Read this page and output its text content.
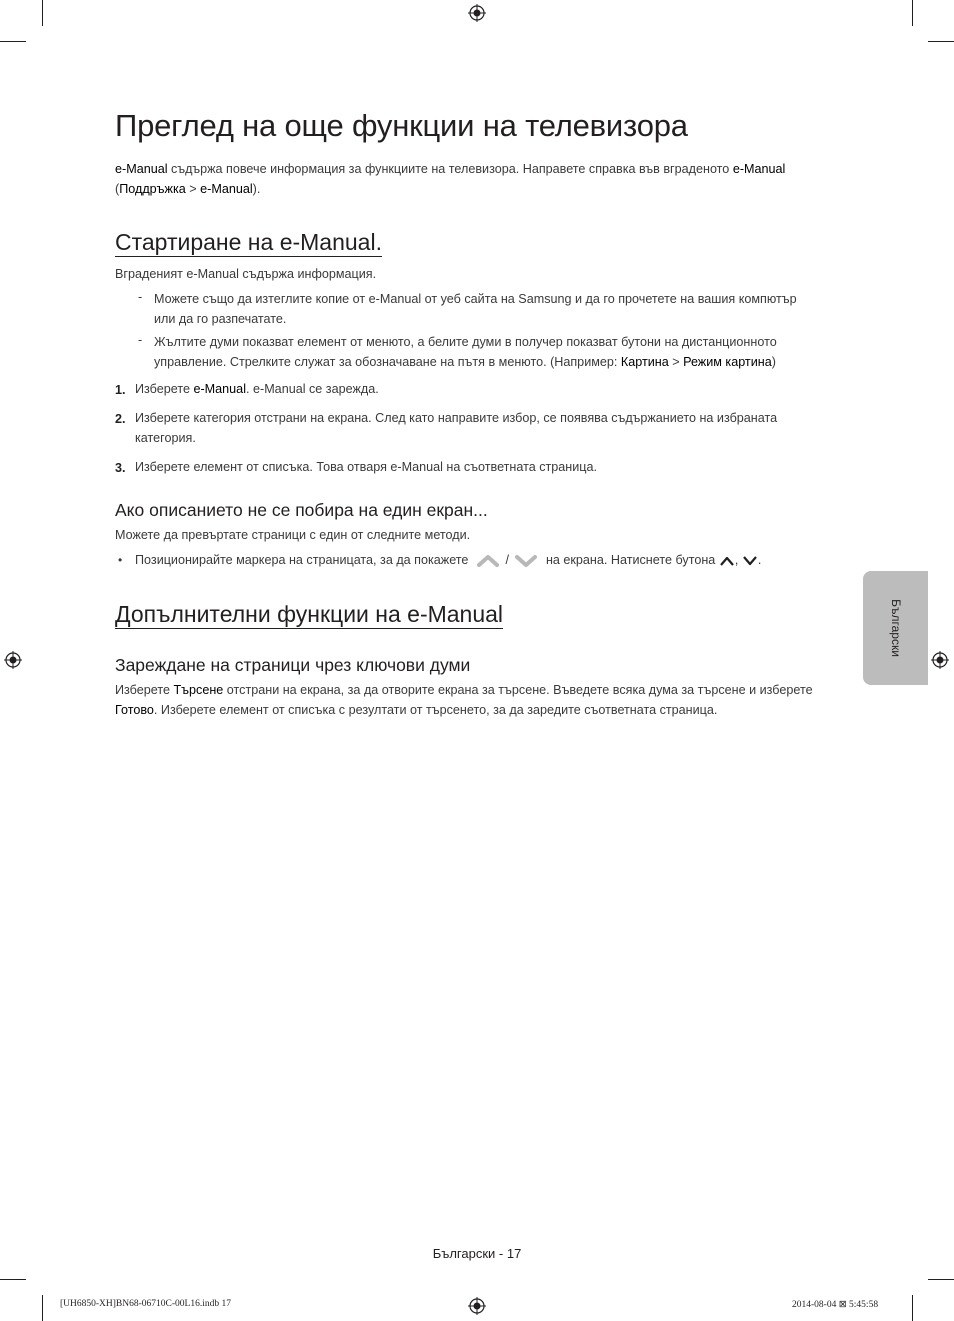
Преглед на още функции на телевизора

e-Manual съдържа повече информация за функциите на телевизора. Направете справка във вграденото e-Manual
(Поддръжка > e-Manual).

Стартиране на e-Manual.

Вграденият e-Manual съдържа информация.

- Можете също да изтеглите копие от e-Manual от уеб сайта на Samsung и да го прочетете на вашия компютър
или да го разпечатате.

- Жълтите думи показват елемент от менюто, а белите думи в получер показват бутони на дистанционното
управление. Стрелките служат за обозначаване на пътя в менюто. (Например: Картина > Режим картина)

1. Изберете e-Manual. e-Manual се зарежда.

2. Изберете категория отстрани на екрана. След като направите избор, се появява съдържанието на избраната
категория.

3. Изберете елемент от списъка. Това отваря e-Manual на съответната страница.

Ако описанието не се побира на един екран...

Можете да превъртате страници с един от следните методи.

• Позиционирайте маркера на страницата, за да покажете	/	на екрана. Натиснете бутона , .

Допълнителни функции на e-Manual
Зареждане на страници чрез ключови думи

Изберете Търсене отстрани на екрана, за да отворите екрана за търсене. Въведете всяка дума за търсене и изберете
Готово. Изберете елемент от списъка с резултати от търсенето, за да заредите съответната страница.

Български
Български - 17
[UH6850-XH]BN68-06710C-00L16.indb 17	2014-08-04 ⊠ 5:45:58
